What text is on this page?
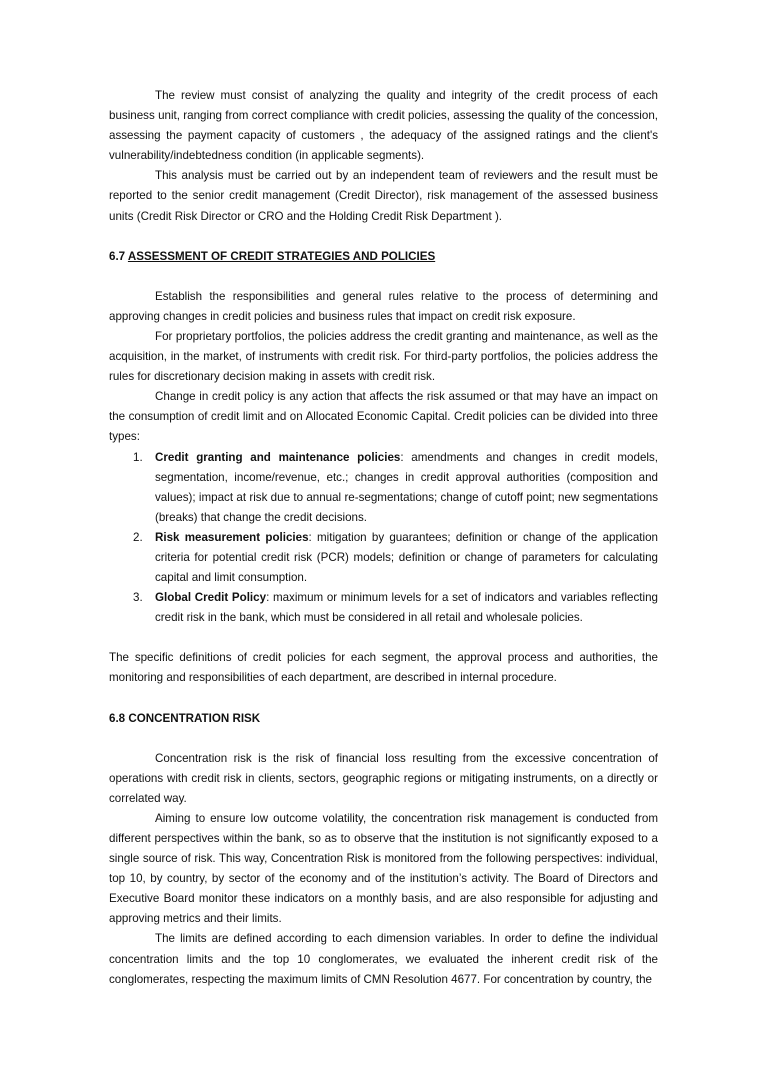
The review must consist of analyzing the quality and integrity of the credit process of each business unit, ranging from correct compliance with credit policies, assessing the quality of the concession, assessing the payment capacity of customers , the adequacy of the assigned ratings and the client's vulnerability/indebtedness condition (in applicable segments).

This analysis must be carried out by an independent team of reviewers and the result must be reported to the senior credit management (Credit Director), risk management of the assessed business units (Credit Risk Director or CRO and the Holding Credit Risk Department ).

6.7 ASSESSMENT OF CREDIT STRATEGIES AND POLICIES

Establish the responsibilities and general rules relative to the process of determining and approving changes in credit policies and business rules that impact on credit risk exposure.

For proprietary portfolios, the policies address the credit granting and maintenance, as well as the acquisition, in the market, of instruments with credit risk. For third-party portfolios, the policies address the rules for discretionary decision making in assets with credit risk.

Change in credit policy is any action that affects the risk assumed or that may have an impact on the consumption of credit limit and on Allocated Economic Capital. Credit policies can be divided into three types:

1. Credit granting and maintenance policies: amendments and changes in credit models, segmentation, income/revenue, etc.; changes in credit approval authorities (composition and values); impact at risk due to annual re-segmentations; change of cutoff point; new segmentations (breaks) that change the credit decisions.
2. Risk measurement policies: mitigation by guarantees; definition or change of the application criteria for potential credit risk (PCR) models; definition or change of parameters for calculating capital and limit consumption.
3. Global Credit Policy: maximum or minimum levels for a set of indicators and variables reflecting credit risk in the bank, which must be considered in all retail and wholesale policies.

The specific definitions of credit policies for each segment, the approval process and authorities, the monitoring and responsibilities of each department, are described in internal procedure.

6.8 CONCENTRATION RISK

Concentration risk is the risk of financial loss resulting from the excessive concentration of operations with credit risk in clients, sectors, geographic regions or mitigating instruments, on a directly or correlated way.

Aiming to ensure low outcome volatility, the concentration risk management is conducted from different perspectives within the bank, so as to observe that the institution is not significantly exposed to a single source of risk. This way, Concentration Risk is monitored from the following perspectives: individual, top 10, by country, by sector of the economy and of the institution’s activity. The Board of Directors and Executive Board monitor these indicators on a monthly basis, and are also responsible for adjusting and approving metrics and their limits.

The limits are defined according to each dimension variables. In order to define the individual concentration limits and the top 10 conglomerates, we evaluated the inherent credit risk of the conglomerates, respecting the maximum limits of CMN Resolution 4677. For concentration by country, the
